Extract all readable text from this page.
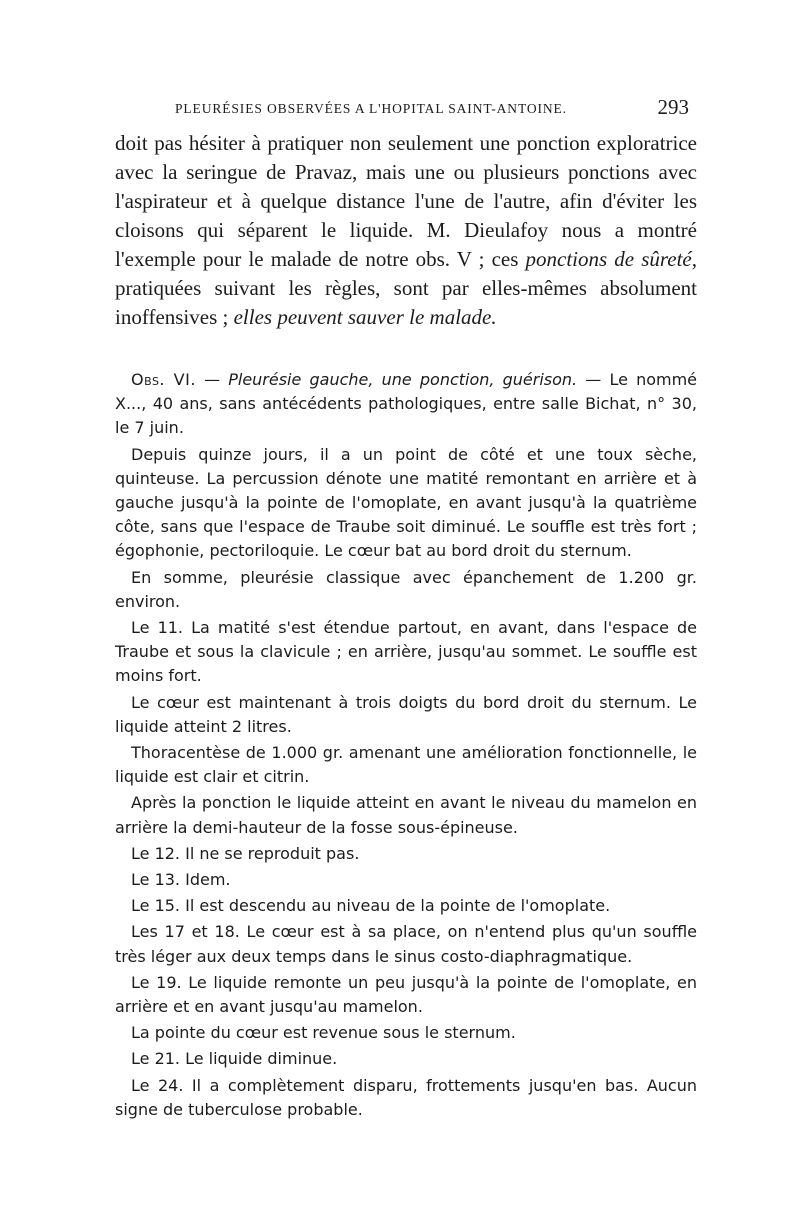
PLEURÉSIES OBSERVÉES A L'HOPITAL SAINT-ANTOINE.	293

doit pas hésiter à pratiquer non seulement une ponction exploratrice avec la seringue de Pravaz, mais une ou plusieurs ponctions avec l'aspirateur et à quelque distance l'une de l'autre, afin d'éviter les cloisons qui séparent le liquide. M. Dieulafoy nous a montré l'exemple pour le malade de notre obs. V ; ces ponctions de sûreté, pratiquées suivant les règles, sont par elles-mêmes absolument inoffensives ; elles peuvent sauver le malade.

Obs. VI. — Pleurésie gauche, une ponction, guérison. — Le nommé X..., 40 ans, sans antécédents pathologiques, entre salle Bichat, n° 30, le 7 juin.

Depuis quinze jours, il a un point de côté et une toux sèche, quinteuse. La percussion dénote une matité remontant en arrière et à gauche jusqu'à la pointe de l'omoplate, en avant jusqu'à la quatrième côte, sans que l'espace de Traube soit diminué. Le souffle est très fort ; égophonie, pectoriloquie. Le cœur bat au bord droit du sternum.

En somme, pleurésie classique avec épanchement de 1.200 gr. environ.

Le 11. La matité s'est étendue partout, en avant, dans l'espace de Traube et sous la clavicule ; en arrière, jusqu'au sommet. Le souffle est moins fort.

Le cœur est maintenant à trois doigts du bord droit du sternum. Le liquide atteint 2 litres.

Thoracentèse de 1.000 gr. amenant une amélioration fonctionnelle, le liquide est clair et citrin.

Après la ponction le liquide atteint en avant le niveau du mamelon en arrière la demi-hauteur de la fosse sous-épineuse.

Le 12. Il ne se reproduit pas.

Le 13. Idem.

Le 15. Il est descendu au niveau de la pointe de l'omoplate.

Les 17 et 18. Le cœur est à sa place, on n'entend plus qu'un souffle très léger aux deux temps dans le sinus costo-diaphragmatique.

Le 19. Le liquide remonte un peu jusqu'à la pointe de l'omoplate, en arrière et en avant jusqu'au mamelon.

La pointe du cœur est revenue sous le sternum.

Le 21. Le liquide diminue.

Le 24. Il a complètement disparu, frottements jusqu'en bas. Aucun signe de tuberculose probable.
